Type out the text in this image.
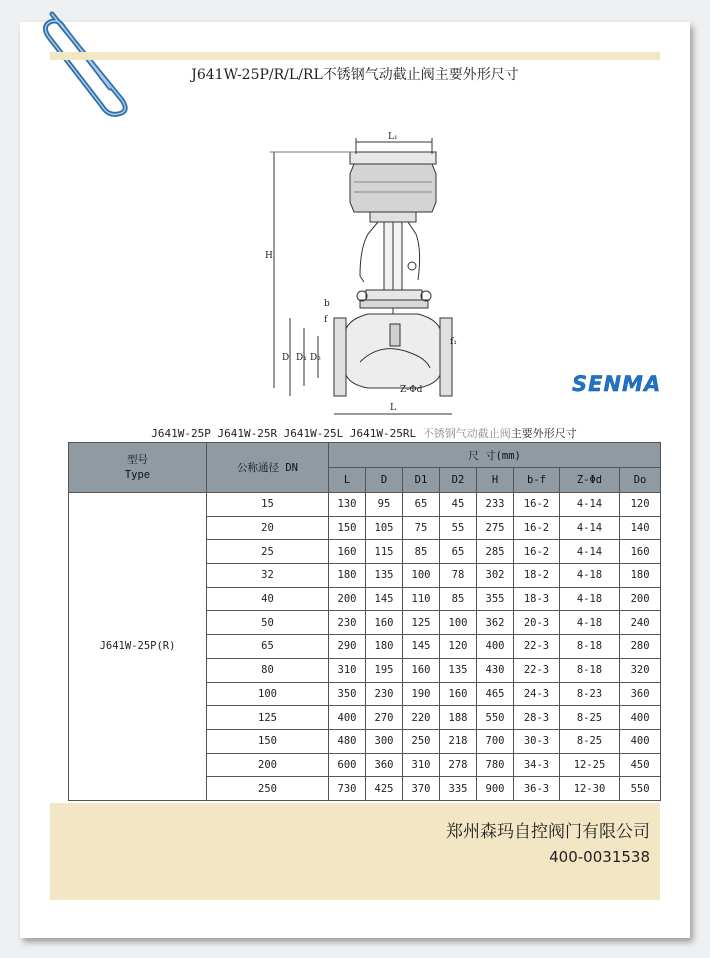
J641W-25P/R/L/RL不锈钢气动截止阀主要外形尺寸
L₁
H
b
f
D D₁ D₂
f₁
Z-Φd
L
SENMA
J641W-25P J641W-25R J641W-25L J641W-25RL 不锈钢气动截止阀主要外形尺寸
型号
Type	公称通径 DN	尺 寸(mm)							
		L	D	D1	D2	H	b-f	Z-Φd	Do
J641W-25P(R)	15	130	95	65	45	233	16-2	4-14	120
	20	150	105	75	55	275	16-2	4-14	140
	25	160	115	85	65	285	16-2	4-14	160
	32	180	135	100	78	302	18-2	4-18	180
	40	200	145	110	85	355	18-3	4-18	200
	50	230	160	125	100	362	20-3	4-18	240
	65	290	180	145	120	400	22-3	8-18	280
	80	310	195	160	135	430	22-3	8-18	320
	100	350	230	190	160	465	24-3	8-23	360
	125	400	270	220	188	550	28-3	8-25	400
	150	480	300	250	218	700	30-3	8-25	400
	200	600	360	310	278	780	34-3	12-25	450
	250	730	425	370	335	900	36-3	12-30	550
郑州森玛自控阀门有限公司
400-0031538
